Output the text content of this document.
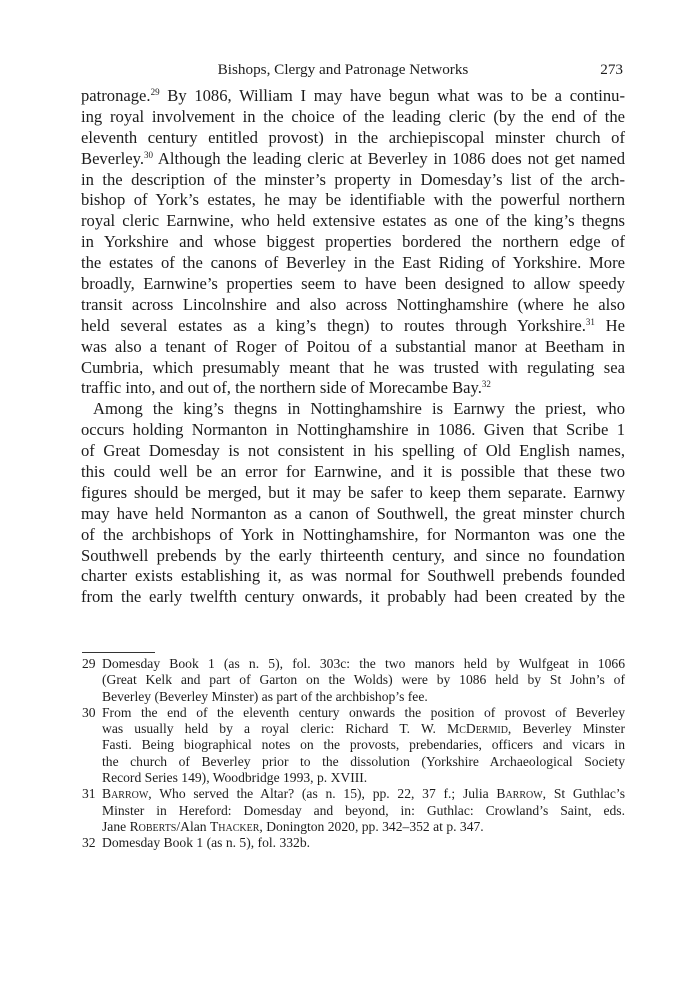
Bishops, Clergy and Patronage Networks	273
patronage.$^{29}$ By 1086, William I may have begun what was to be a continu-
ing royal involvement in the choice of the leading cleric (by the end of the
eleventh century entitled provost) in the archiepiscopal minster church of
Beverley.$^{30}$ Although the leading cleric at Beverley in 1086 does not get named
in the description of the minster’s property in Domesday’s list of the arch-
bishop of York’s estates, he may be identifiable with the powerful northern
royal cleric Earnwine, who held extensive estates as one of the king’s thegns
in Yorkshire and whose biggest properties bordered the northern edge of
the estates of the canons of Beverley in the East Riding of Yorkshire. More
broadly, Earnwine’s properties seem to have been designed to allow speedy
transit across Lincolnshire and also across Nottinghamshire (where he also
held several estates as a king’s thegn) to routes through Yorkshire.$^{31}$ He
was also a tenant of Roger of Poitou of a substantial manor at Beetham in
Cumbria, which presumably meant that he was trusted with regulating sea
traffic into, and out of, the northern side of Morecambe Bay.$^{32}$
Among the king’s thegns in Nottinghamshire is Earnwy the priest, who
occurs holding Normanton in Nottinghamshire in 1086. Given that Scribe 1
of Great Domesday is not consistent in his spelling of Old English names,
this could well be an error for Earnwine, and it is possible that these two
figures should be merged, but it may be safer to keep them separate. Earnwy
may have held Normanton as a canon of Southwell, the great minster church
of the archbishops of York in Nottinghamshire, for Normanton was one the
Southwell prebends by the early thirteenth century, and since no foundation
charter exists establishing it, as was normal for Southwell prebends founded
from the early twelfth century onwards, it probably had been created by the
29 Domesday Book 1 (as n. 5), fol. 303c: the two manors held by Wulfgeat in 1066
(Great Kelk and part of Garton on the Wolds) were by 1086 held by St John’s of
Beverley (Beverley Minster) as part of the archbishop’s fee.
30 From the end of the eleventh century onwards the position of provost of Beverley
was usually held by a royal cleric: Richard T. W. McDermid, Beverley Minster
Fasti. Being biographical notes on the provosts, prebendaries, officers and vicars in
the church of Beverley prior to the dissolution (Yorkshire Archaeological Society
Record Series 149), Woodbridge 1993, p. XVIII.
31 Barrow, Who served the Altar? (as n. 15), pp. 22, 37 f.; Julia Barrow, St Guthlac’s
Minster in Hereford: Domesday and beyond, in: Guthlac: Crowland’s Saint, eds.
Jane Roberts/Alan Thacker, Donington 2020, pp. 342–352 at p. 347.
32 Domesday Book 1 (as n. 5), fol. 332b.
